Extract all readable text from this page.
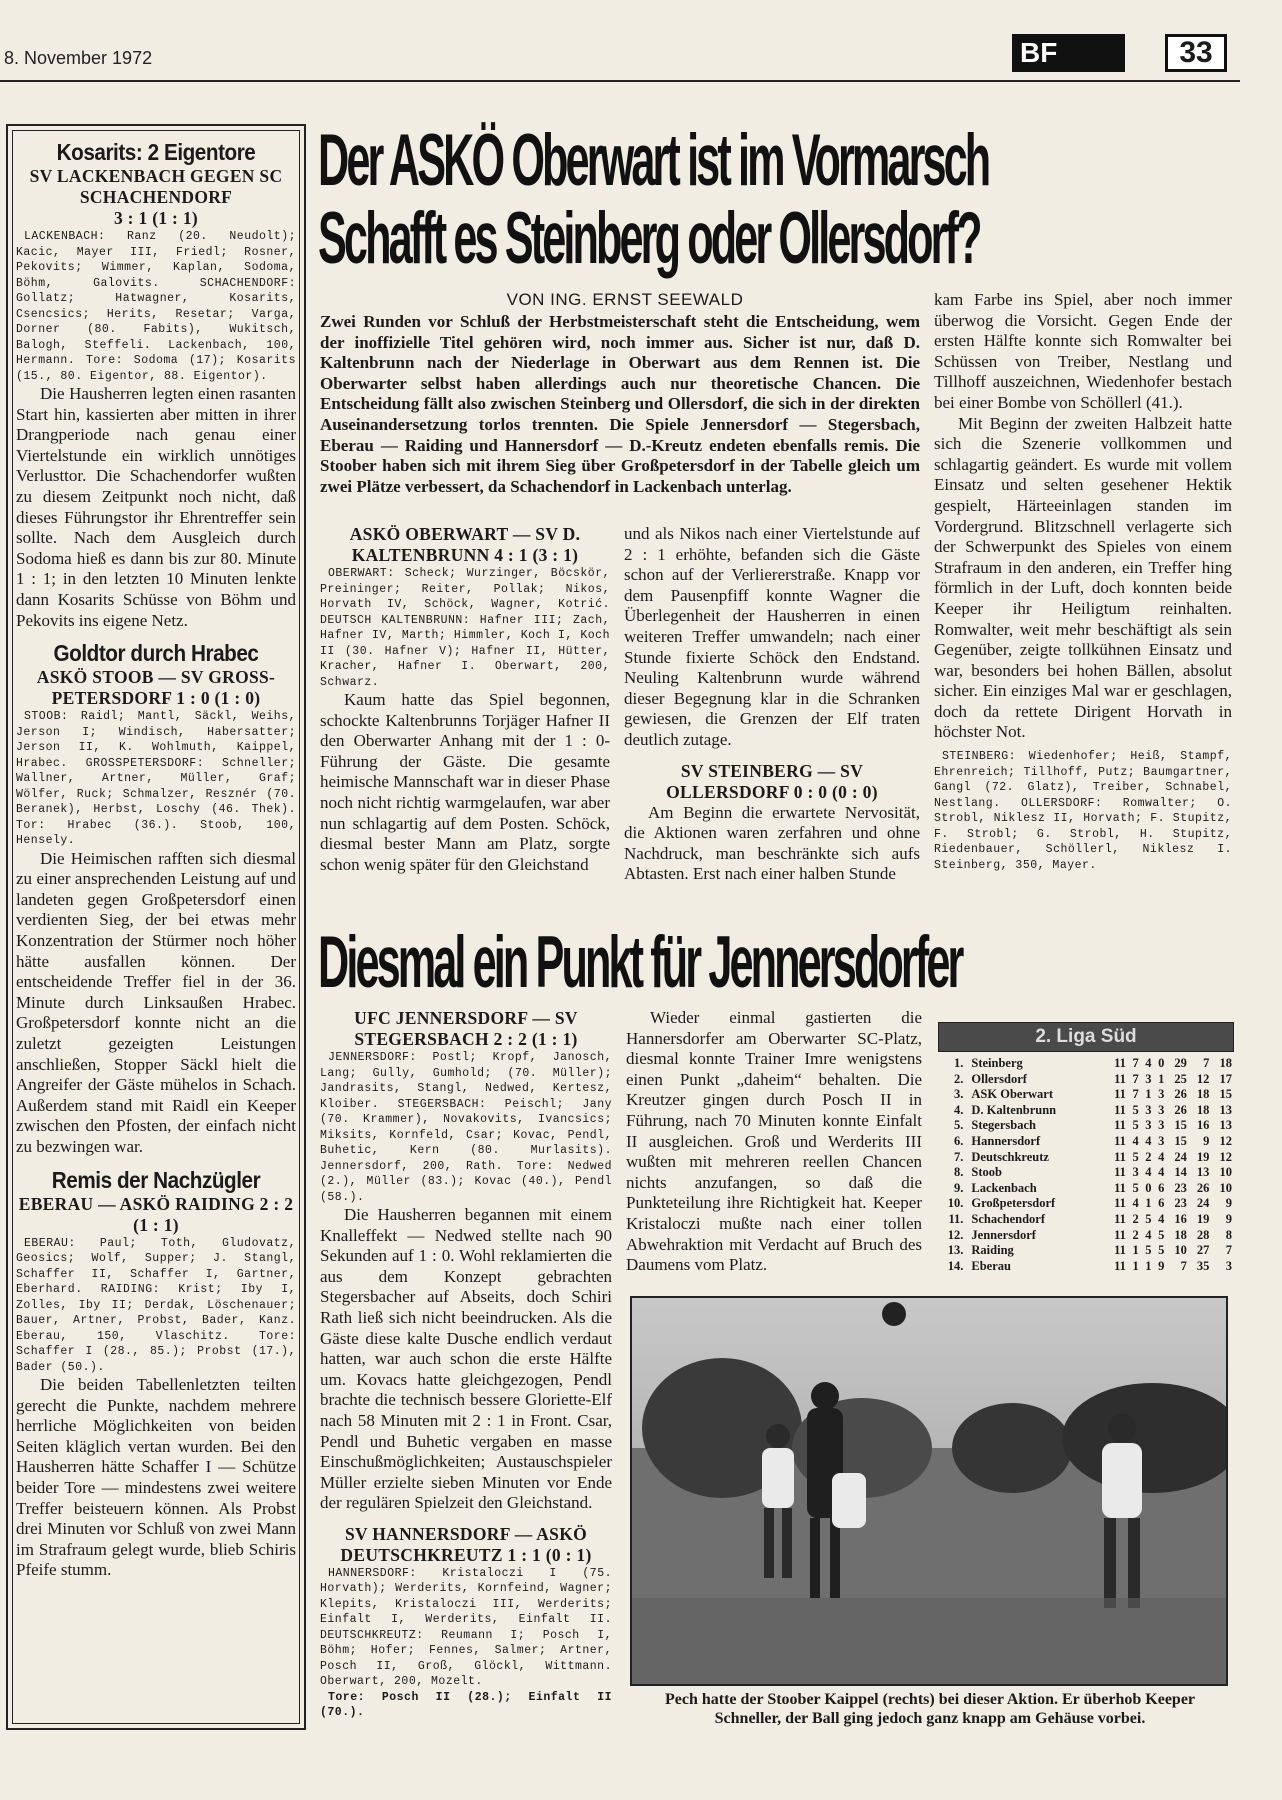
8. November 1972	BF	33
Kosarits: 2 Eigentore
SV LACKENBACH GEGEN SC SCHACHENDORF
3 : 1 (1 : 1)

LACKENBACH: Ranz (20. Neudolt); Kacic, Mayer III, Friedl; Rosner, Pekovits; Wimmer, Kaplan, Sodoma, Böhm, Galovits. SCHACHENDORF: Gollatz; Hatwagner, Kosarits, Csencsics; Herits, Resetar; Varga, Dorner (80. Fabits), Wukitsch, Balogh, Steffeli. Lackenbach, 100, Hermann. Tore: Sodoma (17); Kosarits (15., 80. Eigentor, 88. Eigentor).

Die Hausherren legten einen rasanten Start hin, kassierten aber mitten in ihrer Drangperiode nach genau einer Viertelstunde ein wirklich unnötiges Verlusttor. Die Schachendorfer wußten zu diesem Zeitpunkt noch nicht, daß dieses Führungstor ihr Ehrentreffer sein sollte. Nach dem Ausgleich durch Sodoma hieß es dann bis zur 80. Minute 1 : 1; in den letzten 10 Minuten lenkte dann Kosarits Schüsse von Böhm und Pekovits ins eigene Netz.

Goldtor durch Hrabec
ASKÖ STOOB — SV GROSS-PETERSDORF 1 : 0 (1 : 0)

STOOB: Raidl; Mantl, Säckl, Weihs, Jerson I; Windisch, Habersatter; Jerson II, K. Wohlmuth, Kaippel, Hrabec. GROSSPETERSDORF: Schneller; Wallner, Artner, Müller, Graf; Wölfer, Ruck; Schmalzer, Resznér (70. Beranek), Herbst, Loschy (46. Thek). Tor: Hrabec (36.). Stoob, 100, Hensely.

Die Heimischen rafften sich diesmal zu einer ansprechenden Leistung auf und landeten gegen Großpetersdorf einen verdienten Sieg, der bei etwas mehr Konzentration der Stürmer noch höher hätte ausfallen können. Der entscheidende Treffer fiel in der 36. Minute durch Linksaußen Hrabec. Großpetersdorf konnte nicht an die zuletzt gezeigten Leistungen anschließen, Stopper Säckl hielt die Angreifer der Gäste mühelos in Schach. Außerdem stand mit Raidl ein Keeper zwischen den Pfosten, der einfach nicht zu bezwingen war.

Remis der Nachzügler
EBERAU — ASKÖ RAIDING 2 : 2 (1 : 1)

EBERAU: Paul; Toth, Gludovatz, Geosics; Wolf, Supper; J. Stangl, Schaffer II, Schaffer I, Gartner, Eberhard. RAIDING: Krist; Iby I, Zolles, Iby II; Derdak, Löschenauer; Bauer, Artner, Probst, Bader, Kanz. Eberau, 150, Vlaschitz. Tore: Schaffer I (28., 85.); Probst (17.), Bader (50.).

Die beiden Tabellenletzten teilten gerecht die Punkte, nachdem mehrere herrliche Möglichkeiten von beiden Seiten kläglich vertan wurden. Bei den Hausherren hätte Schaffer I — Schütze beider Tore — mindestens zwei weitere Treffer beisteuern können. Als Probst drei Minuten vor Schluß von zwei Mann im Strafraum gelegt wurde, blieb Schiris Pfeife stumm.

Der ASKÖ Oberwart ist im Vormarsch
Schafft es Steinberg oder Ollersdorf?
VON ING. ERNST SEEWALD
Zwei Runden vor Schluß der Herbstmeisterschaft steht die Entscheidung, wem der inoffizielle Titel gehören wird, noch immer aus. Sicher ist nur, daß D. Kaltenbrunn nach der Niederlage in Oberwart aus dem Rennen ist. Die Oberwarter selbst haben allerdings auch nur theoretische Chancen. Die Entscheidung fällt also zwischen Steinberg und Ollersdorf, die sich in der direkten Auseinandersetzung torlos trennten. Die Spiele Jennersdorf — Stegersbach, Eberau — Raiding und Hannersdorf — D.-Kreutz endeten ebenfalls remis. Die Stoober haben sich mit ihrem Sieg über Großpetersdorf in der Tabelle gleich um zwei Plätze verbessert, da Schachendorf in Lackenbach unterlag.
ASKÖ OBERWART — SV D. KALTENBRUNN 4 : 1 (3 : 1)

OBERWART: Scheck; Wurzinger, Böcskör, Preininger; Reiter, Pollak; Nikos, Horvath IV, Schöck, Wagner, Kotrić. DEUTSCH KALTENBRUNN: Hafner III; Zach, Hafner IV, Marth; Himmler, Koch I, Koch II (30. Hafner V); Hafner II, Hütter, Kracher, Hafner I. Oberwart, 200, Schwarz.

Kaum hatte das Spiel begonnen, schockte Kaltenbrunns Torjäger Hafner II den Oberwarter Anhang mit der 1 : 0-Führung der Gäste. Die gesamte heimische Mannschaft war in dieser Phase noch nicht richtig warmgelaufen, war aber nun schlagartig auf dem Posten. Schöck, diesmal bester Mann am Platz, sorgte schon wenig später für den Gleichstand

und als Nikos nach einer Viertelstunde auf 2 : 1 erhöhte, befanden sich die Gäste schon auf der Verliererstraße. Knapp vor dem Pausenpfiff konnte Wagner die Überlegenheit der Hausherren in einen weiteren Treffer umwandeln; nach einer Stunde fixierte Schöck den Endstand. Neuling Kaltenbrunn wurde während dieser Begegnung klar in die Schranken gewiesen, die Grenzen der Elf traten deutlich zutage.

SV STEINBERG — SV OLLERSDORF 0 : 0 (0 : 0)

Am Beginn die erwartete Nervosität, die Aktionen waren zerfahren und ohne Nachdruck, man beschränkte sich aufs Abtasten. Erst nach einer halben Stunde

kam Farbe ins Spiel, aber noch immer überwog die Vorsicht. Gegen Ende der ersten Hälfte konnte sich Romwalter bei Schüssen von Treiber, Nestlang und Tillhoff auszeichnen, Wiedenhofer bestach bei einer Bombe von Schöllerl (41.).

Mit Beginn der zweiten Halbzeit hatte sich die Szenerie vollkommen und schlagartig geändert. Es wurde mit vollem Einsatz und selten gesehener Hektik gespielt, Härteeinlagen standen im Vordergrund. Blitzschnell verlagerte sich der Schwerpunkt des Spieles von einem Strafraum in den anderen, ein Treffer hing förmlich in der Luft, doch konnten beide Keeper ihr Heiligtum reinhalten. Romwalter, weit mehr beschäftigt als sein Gegenüber, zeigte tollkühnen Einsatz und war, besonders bei hohen Bällen, absolut sicher. Ein einziges Mal war er geschlagen, doch da rettete Dirigent Horvath in höchster Not.

STEINBERG: Wiedenhofer; Heiß, Stampf, Ehrenreich; Tillhoff, Putz; Baumgartner, Gangl (72. Glatz), Treiber, Schnabel, Nestlang. OLLERSDORF: Romwalter; O. Strobl, Niklesz II, Horvath; F. Stupitz, F. Strobl; G. Strobl, H. Stupitz, Riedenbauer, Schöllerl, Niklesz I. Steinberg, 350, Mayer.

Diesmal ein Punkt für Jennersdorfer
UFC JENNERSDORF — SV STEGERSBACH 2 : 2 (1 : 1)

JENNERSDORF: Postl; Kropf, Janosch, Lang; Gully, Gumhold; (70. Müller); Jandrasits, Stangl, Nedwed, Kertesz, Kloiber. STEGERSBACH: Peischl; Jany (70. Krammer), Novakovits, Ivancsics; Miksits, Kornfeld, Csar; Kovac, Pendl, Buhetic, Kern (80. Murlasits). Jennersdorf, 200, Rath. Tore: Nedwed (2.), Müller (83.); Kovac (40.), Pendl (58.).

Die Hausherren begannen mit einem Knalleffekt — Nedwed stellte nach 90 Sekunden auf 1 : 0. Wohl reklamierten die aus dem Konzept gebrachten Stegersbacher auf Abseits, doch Schiri Rath ließ sich nicht beeindrucken. Als die Gäste diese kalte Dusche endlich verdaut hatten, war auch schon die erste Hälfte um. Kovacs hatte gleichgezogen, Pendl brachte die technisch bessere Gloriette-Elf nach 58 Minuten mit 2 : 1 in Front. Csar, Pendl und Buhetic vergaben en masse Einschußmöglichkeiten; Austauschspieler Müller erzielte sieben Minuten vor Ende der regulären Spielzeit den Gleichstand.

SV HANNERSDORF — ASKÖ DEUTSCHKREUTZ 1 : 1 (0 : 1)

HANNERSDORF: Kristaloczi I (75. Horvath); Werderits, Kornfeind, Wagner; Klepits, Kristaloczi III, Werderits; Einfalt I, Werderits, Einfalt II. DEUTSCHKREUTZ: Reumann I; Posch I, Böhm; Hofer; Fennes, Salmer; Artner, Posch II, Groß, Glöckl, Wittmann. Oberwart, 200, Mozelt.

Tore: Posch II (28.); Einfalt II (70.).

Wieder einmal gastierten die Hannersdorfer am Oberwarter SC-Platz, diesmal konnte Trainer Imre wenigstens einen Punkt „daheim“ behalten. Die Kreutzer gingen durch Posch II in Führung, nach 70 Minuten konnte Einfalt II ausgleichen. Groß und Werderits III wußten mit mehreren reellen Chancen nichts anzufangen, so daß die Punkteteilung ihre Richtigkeit hat. Keeper Kristaloczi mußte nach einer tollen Abwehraktion mit Verdacht auf Bruch des Daumens vom Platz.

2. Liga Süd
1.	Steinberg	11	7	4	0	29	7	18
2.	Ollersdorf	11	7	3	1	25	12	17
3.	ASK Oberwart	11	7	1	3	26	18	15
4.	D. Kaltenbrunn	11	5	3	3	26	18	13
5.	Stegersbach	11	5	3	3	15	16	13
6.	Hannersdorf	11	4	4	3	15	9	12
7.	Deutschkreutz	11	5	2	4	24	19	12
8.	Stoob	11	3	4	4	14	13	10
9.	Lackenbach	11	5	0	6	23	26	10
10.	Großpetersdorf	11	4	1	6	23	24	9
11.	Schachendorf	11	2	5	4	16	19	9
12.	Jennersdorf	11	2	4	5	18	28	8
13.	Raiding	11	1	5	5	10	27	7
14.	Eberau	11	1	1	9	7	35	3
Pech hatte der Stoober Kaippel (rechts) bei dieser Aktion. Er überhob Keeper Schneller, der Ball ging jedoch ganz knapp am Gehäuse vorbei.
